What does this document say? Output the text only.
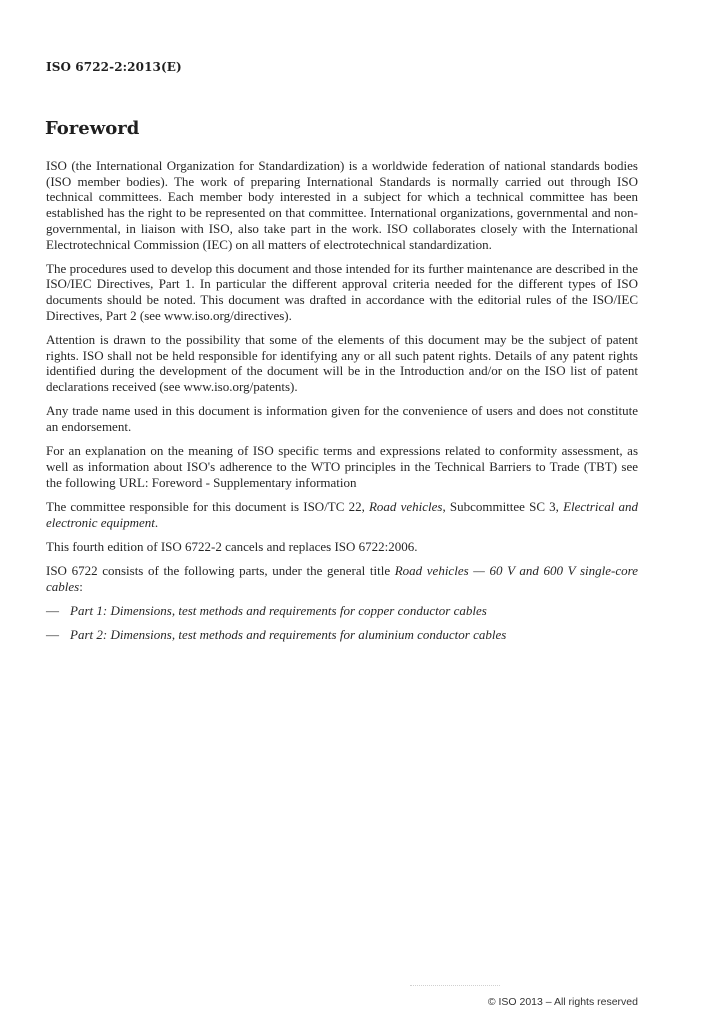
ISO 6722-2:2013(E)
Foreword

ISO (the International Organization for Standardization) is a worldwide federation of national standards bodies (ISO member bodies). The work of preparing International Standards is normally carried out through ISO technical committees. Each member body interested in a subject for which a technical committee has been established has the right to be represented on that committee. International organizations, governmental and non-governmental, in liaison with ISO, also take part in the work. ISO collaborates closely with the International Electrotechnical Commission (IEC) on all matters of electrotechnical standardization.

The procedures used to develop this document and those intended for its further maintenance are described in the ISO/IEC Directives, Part 1. In particular the different approval criteria needed for the different types of ISO documents should be noted. This document was drafted in accordance with the editorial rules of the ISO/IEC Directives, Part 2 (see www.iso.org/directives).

Attention is drawn to the possibility that some of the elements of this document may be the subject of patent rights. ISO shall not be held responsible for identifying any or all such patent rights. Details of any patent rights identified during the development of the document will be in the Introduction and/or on the ISO list of patent declarations received (see www.iso.org/patents).

Any trade name used in this document is information given for the convenience of users and does not constitute an endorsement.

For an explanation on the meaning of ISO specific terms and expressions related to conformity assessment, as well as information about ISO's adherence to the WTO principles in the Technical Barriers to Trade (TBT) see the following URL: Foreword - Supplementary information

The committee responsible for this document is ISO/TC 22, Road vehicles, Subcommittee SC 3, Electrical and electronic equipment.

This fourth edition of ISO 6722-2 cancels and replaces ISO 6722:2006.

ISO 6722 consists of the following parts, under the general title Road vehicles — 60 V and 600 V single-core cables:

— Part 1: Dimensions, test methods and requirements for copper conductor cables
— Part 2: Dimensions, test methods and requirements for aluminium conductor cables
© ISO 2013 – All rights reserved
